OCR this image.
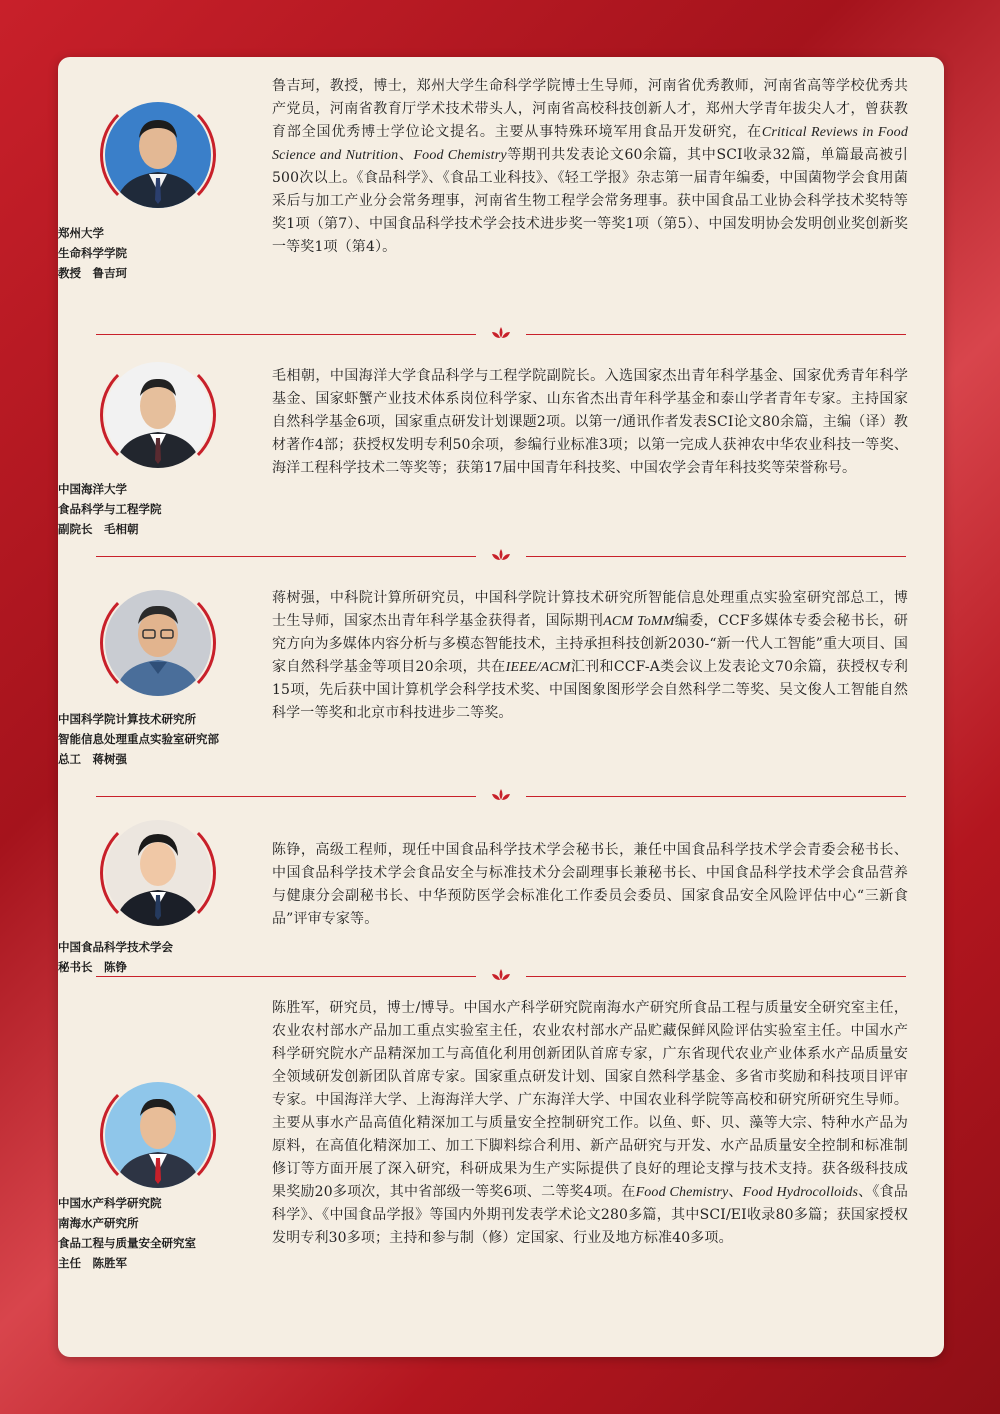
郑州大学
生命科学学院
教授　鲁吉珂
鲁吉珂，教授，博士，郑州大学生命科学学院博士生导师，河南省优秀教师，河南省高等学校优秀共产党员，河南省教育厅学术技术带头人，河南省高校科技创新人才，郑州大学青年拔尖人才，曾获教育部全国优秀博士学位论文提名。主要从事特殊环境军用食品开发研究，在Critical Reviews in Food Science and Nutrition、Food Chemistry等期刊共发表论文60余篇，其中SCI收录32篇，单篇最高被引500次以上。《食品科学》、《食品工业科技》、《轻工学报》杂志第一届青年编委，中国菌物学会食用菌采后与加工产业分会常务理事，河南省生物工程学会常务理事。获中国食品工业协会科学技术奖特等奖1项（第7）、中国食品科学技术学会技术进步奖一等奖1项（第5）、中国发明协会发明创业奖创新奖一等奖1项（第4）。
中国海洋大学
食品科学与工程学院
副院长　毛相朝
毛相朝，中国海洋大学食品科学与工程学院副院长。入选国家杰出青年科学基金、国家优秀青年科学基金、国家虾蟹产业技术体系岗位科学家、山东省杰出青年科学基金和泰山学者青年专家。主持国家自然科学基金6项，国家重点研发计划课题2项。以第一/通讯作者发表SCI论文80余篇，主编（译）教材著作4部；获授权发明专利50余项，参编行业标准3项；以第一完成人获神农中华农业科技一等奖、海洋工程科学技术二等奖等；获第17届中国青年科技奖、中国农学会青年科技奖等荣誉称号。
中国科学院计算技术研究所
智能信息处理重点实验室研究部
总工　蒋树强
蒋树强，中科院计算所研究员，中国科学院计算技术研究所智能信息处理重点实验室研究部总工，博士生导师，国家杰出青年科学基金获得者，国际期刊ACM ToMM编委，CCF多媒体专委会秘书长，研究方向为多媒体内容分析与多模态智能技术，主持承担科技创新2030-“新一代人工智能”重大项目、国家自然科学基金等项目20余项，共在IEEE/ACM汇刊和CCF-A类会议上发表论文70余篇，获授权专利15项，先后获中国计算机学会科学技术奖、中国图象图形学会自然科学二等奖、吴文俊人工智能自然科学一等奖和北京市科技进步二等奖。
中国食品科学技术学会
秘书长　陈铮
陈铮，高级工程师，现任中国食品科学技术学会秘书长，兼任中国食品科学技术学会青委会秘书长、中国食品科学技术学会食品安全与标准技术分会副理事长兼秘书长、中国食品科学技术学会食品营养与健康分会副秘书长、中华预防医学会标准化工作委员会委员、国家食品安全风险评估中心“三新食品”评审专家等。
中国水产科学研究院
南海水产研究所
食品工程与质量安全研究室
主任　陈胜军
陈胜军，研究员，博士/博导。中国水产科学研究院南海水产研究所食品工程与质量安全研究室主任，农业农村部水产品加工重点实验室主任，农业农村部水产品贮藏保鲜风险评估实验室主任。中国水产科学研究院水产品精深加工与高值化利用创新团队首席专家，广东省现代农业产业体系水产品质量安全领域研发创新团队首席专家。国家重点研发计划、国家自然科学基金、多省市奖励和科技项目评审专家。中国海洋大学、上海海洋大学、广东海洋大学、中国农业科学院等高校和研究所研究生导师。主要从事水产品高值化精深加工与质量安全控制研究工作。以鱼、虾、贝、藻等大宗、特种水产品为原料，在高值化精深加工、加工下脚料综合利用、新产品研究与开发、水产品质量安全控制和标准制修订等方面开展了深入研究，科研成果为生产实际提供了良好的理论支撑与技术支持。获各级科技成果奖励20多项次，其中省部级一等奖6项、二等奖4项。在Food Chemistry、Food Hydrocolloids、《食品科学》、《中国食品学报》等国内外期刊发表学术论文280多篇，其中SCI/EI收录80多篇；获国家授权发明专利30多项；主持和参与制（修）定国家、行业及地方标准40多项。
